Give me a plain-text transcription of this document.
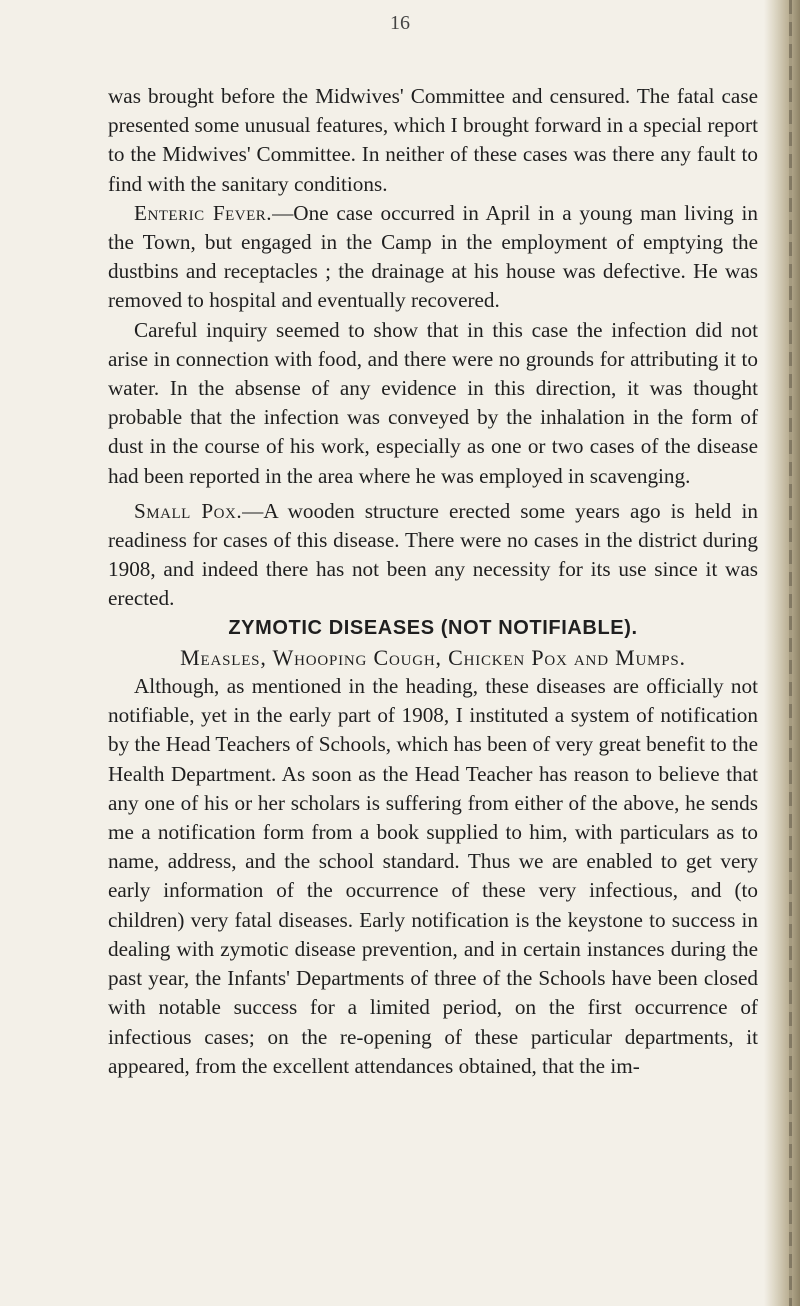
16

was brought before the Midwives' Committee and censured. The fatal case presented some unusual features, which I brought forward in a special report to the Midwives' Committee. In neither of these cases was there any fault to find with the sanitary conditions.

Enteric Fever.—One case occurred in April in a young man living in the Town, but engaged in the Camp in the employment of emptying the dustbins and receptacles ; the drainage at his house was defective. He was removed to hospital and eventually recovered.

Careful inquiry seemed to show that in this case the infection did not arise in connection with food, and there were no grounds for attributing it to water. In the absense of any evidence in this direction, it was thought probable that the infection was conveyed by the inhalation in the form of dust in the course of his work, especially as one or two cases of the disease had been reported in the area where he was employed in scavenging.

Small Pox.—A wooden structure erected some years ago is held in readiness for cases of this disease. There were no cases in the district during 1908, and indeed there has not been any necessity for its use since it was erected.

ZYMOTIC DISEASES (NOT NOTIFIABLE).

Measles, Whooping Cough, Chicken Pox and Mumps.

Although, as mentioned in the heading, these diseases are officially not notifiable, yet in the early part of 1908, I instituted a system of notification by the Head Teachers of Schools, which has been of very great benefit to the Health Department. As soon as the Head Teacher has reason to believe that any one of his or her scholars is suffering from either of the above, he sends me a notification form from a book supplied to him, with particulars as to name, address, and the school standard. Thus we are enabled to get very early information of the occurrence of these very infectious, and (to children) very fatal diseases. Early notification is the keystone to success in dealing with zymotic disease prevention, and in certain instances during the past year, the Infants' Departments of three of the Schools have been closed with notable success for a limited period, on the first occurrence of infectious cases; on the re-opening of these particular departments, it appeared, from the excellent attendances obtained, that the im-
